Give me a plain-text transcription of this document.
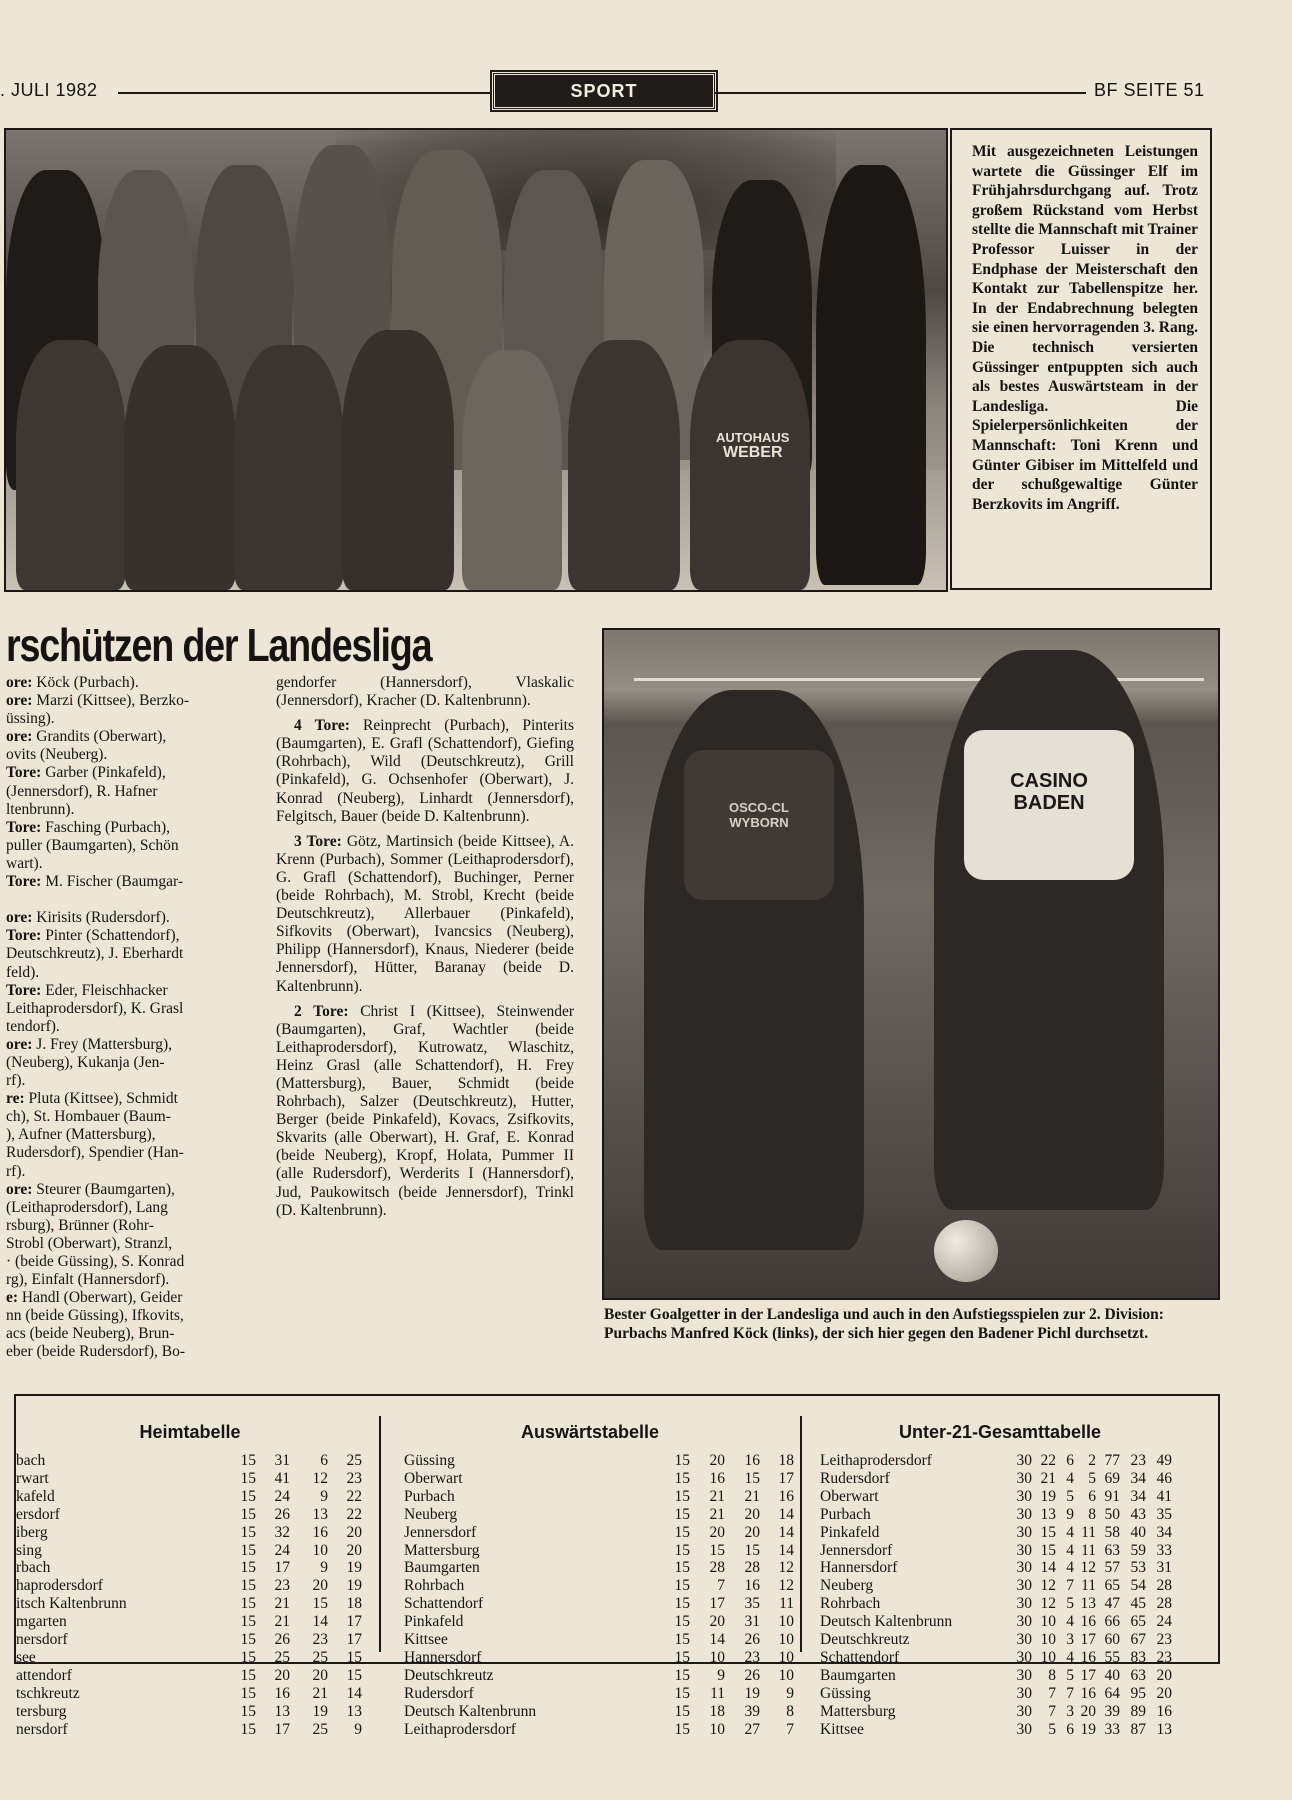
. JULI 1982	SPORT	BF SEITE 51
AUTOHAUS
WEBER

Mit ausgezeichneten Leistungen wartete die Güssinger Elf im Frühjahrsdurchgang auf. Trotz großem Rückstand vom Herbst stellte die Mannschaft mit Trainer Professor Luisser in der Endphase der Meisterschaft den Kontakt zur Tabellenspitze her. In der Endabrechnung belegten sie einen hervorragenden 3. Rang. Die technisch versierten Güssinger entpuppten sich auch als bestes Auswärtsteam in der Landesliga. Die Spielerpersönlichkeiten der Mannschaft: Toni Krenn und Günter Gibiser im Mittelfeld und der schußgewaltige Günter Berzkovits im Angriff.

rschützen der Landesliga

ore: Köck (Purbach).

ore: Marzi (Kittsee), Berzko-

üssing).

ore: Grandits (Oberwart),

ovits (Neuberg).

Tore: Garber (Pinkafeld),

(Jennersdorf), R. Hafner

ltenbrunn).

Tore: Fasching (Purbach),

puller (Baumgarten), Schön

wart).

Tore: M. Fischer (Baumgar-

ore: Kirisits (Rudersdorf).

Tore: Pinter (Schattendorf),

Deutschkreutz), J. Eberhardt

feld).

Tore: Eder, Fleischhacker

Leithaprodersdorf), K. Grasl

tendorf).

ore: J. Frey (Mattersburg),

(Neuberg), Kukanja (Jen-

rf).

re: Pluta (Kittsee), Schmidt

ch), St. Hombauer (Baum-

), Aufner (Mattersburg),

Rudersdorf), Spendier (Han-

rf).

ore: Steurer (Baumgarten),

(Leithaprodersdorf), Lang

rsburg), Brünner (Rohr-

Strobl (Oberwart), Stranzl,

· (beide Güssing), S. Konrad

rg), Einfalt (Hannersdorf).

e: Handl (Oberwart), Geider

nn (beide Güssing), Ifkovits,

acs (beide Neuberg), Brun-

eber (beide Rudersdorf), Bo-

gendorfer (Hannersdorf), Vlaskalic (Jennersdorf), Kracher (D. Kaltenbrunn).

4 Tore: Reinprecht (Purbach), Pinterits (Baumgarten), E. Grafl (Schattendorf), Giefing (Rohrbach), Wild (Deutschkreutz), Grill (Pinkafeld), G. Ochsenhofer (Oberwart), J. Konrad (Neuberg), Linhardt (Jennersdorf), Felgitsch, Bauer (beide D. Kaltenbrunn).

3 Tore: Götz, Martinsich (beide Kittsee), A. Krenn (Purbach), Sommer (Leithaprodersdorf), G. Grafl (Schattendorf), Buchinger, Perner (beide Rohrbach), M. Strobl, Krecht (beide Deutschkreutz), Allerbauer (Pinkafeld), Sifkovits (Oberwart), Ivancsics (Neuberg), Philipp (Hannersdorf), Knaus, Niederer (beide Jennersdorf), Hütter, Baranay (beide D. Kaltenbrunn).

2 Tore: Christ I (Kittsee), Steinwender (Baumgarten), Graf, Wachtler (beide Leithaprodersdorf), Kutrowatz, Wlaschitz, Heinz Grasl (alle Schattendorf), H. Frey (Mattersburg), Bauer, Schmidt (beide Rohrbach), Salzer (Deutschkreutz), Hutter, Berger (beide Pinkafeld), Kovacs, Zsifkovits, Skvarits (alle Oberwart), H. Graf, E. Konrad (beide Neuberg), Kropf, Holata, Pummer II (alle Rudersdorf), Werderits I (Hannersdorf), Jud, Paukowitsch (beide Jennersdorf), Trinkl (D. Kaltenbrunn).

OSCO-CL WYBORN
CASINO BADEN
Bester Goalgetter in der Landesliga und auch in den Aufstiegsspielen zur 2. Division: Purbachs Manfred Köck (links), der sich hier gegen den Badener Pichl durchsetzt.
Heimtabelle	Auswärtstabelle	Unter-21-Gesamttabelle
bach	15	31	6	25
rwart	15	41	12	23
kafeld	15	24	9	22
ersdorf	15	26	13	22
iberg	15	32	16	20
sing	15	24	10	20
rbach	15	17	9	19
haprodersdorf	15	23	20	19
itsch Kaltenbrunn	15	21	15	18
mgarten	15	21	14	17
nersdorf	15	26	23	17
see	15	25	25	15
attendorf	15	20	20	15
tschkreutz	15	16	21	14
tersburg	15	13	19	13
nersdorf	15	17	25	9
Güssing	15	20	16	18
Oberwart	15	16	15	17
Purbach	15	21	21	16
Neuberg	15	21	20	14
Jennersdorf	15	20	20	14
Mattersburg	15	15	15	14
Baumgarten	15	28	28	12
Rohrbach	15	7	16	12
Schattendorf	15	17	35	11
Pinkafeld	15	20	31	10
Kittsee	15	14	26	10
Hannersdorf	15	10	23	10
Deutschkreutz	15	9	26	10
Rudersdorf	15	11	19	9
Deutsch Kaltenbrunn	15	18	39	8
Leithaprodersdorf	15	10	27	7
Leithaprodersdorf	30 22 6 2 77 23 49
Rudersdorf	30 21 4 5 69 34 46
Oberwart	30 19 5 6 91 34 41
Purbach	30 13 9 8 50 43 35
Pinkafeld	30 15 4 11 58 40 34
Jennersdorf	30 15 4 11 63 59 33
Hannersdorf	30 14 4 12 57 53 31
Neuberg	30 12 7 11 65 54 28
Rohrbach	30 12 5 13 47 45 28
Deutsch Kaltenbrunn	30 10 4 16 66 65 24
Deutschkreutz	30 10 3 17 60 67 23
Schattendorf	30 10 4 16 55 83 23
Baumgarten	30	8 5 17 40 63 20
Güssing	30	7 7 16 64 95 20
Mattersburg	30	7 3 20 39 89 16
Kittsee	30	5 6 19 33 87 13
